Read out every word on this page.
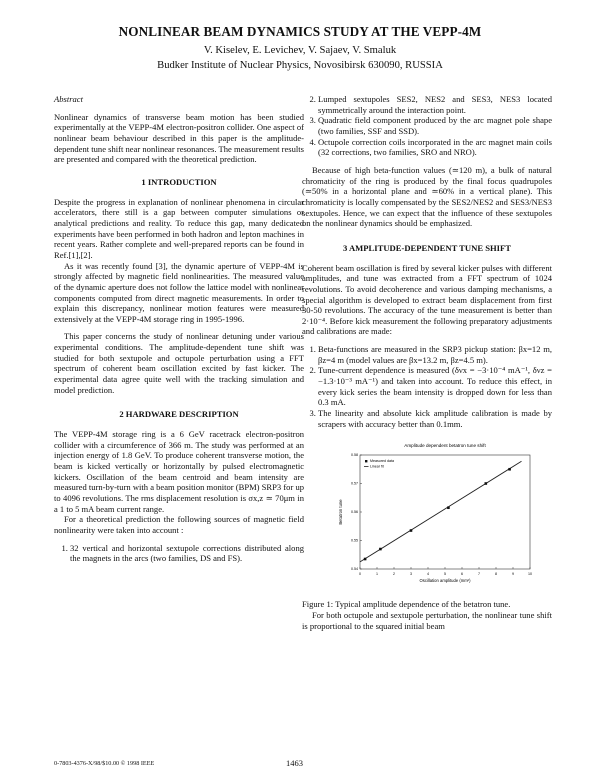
NONLINEAR BEAM DYNAMICS STUDY AT THE VEPP-4M
V. Kiselev, E. Levichev, V. Sajaev, V. Smaluk
Budker Institute of Nuclear Physics, Novosibirsk 630090, RUSSIA
Abstract

Nonlinear dynamics of transverse beam motion has been studied experimentally at the VEPP-4M electron-positron collider. One aspect of nonlinear beam behaviour described in this paper is the amplitude-dependent tune shift near nonlinear resonances. The measurement results are presented and compared with the theoretical prediction.

1 INTRODUCTION

Despite the progress in explanation of nonlinear phenomena in circular accelerators, there still is a gap between computer simulations or analytical predictions and reality. To reduce this gap, many dedicated experiments have been performed in both hadron and lepton machines in recent years. Rather complete and well-prepared reports can be found in Ref.[1],[2].

As it was recently found [3], the dynamic aperture of VEPP-4M is strongly affected by magnetic field nonlinearities. The measured value of the dynamic aperture does not follow the lattice model with nonlinear components computed from direct magnetic measurements. In order to explain this discrepancy, nonlinear motion features were measured extensively at the VEPP-4M storage ring in 1995-1996.

This paper concerns the study of nonlinear detuning under various experimental conditions. The amplitude-dependent tune shift was studied for both sextupole and octupole perturbation using a FFT spectrum of coherent beam oscillation excited by fast kicker. The experimental data agree quite well with the tracking simulation and model prediction.

2 HARDWARE DESCRIPTION

The VEPP-4M storage ring is a 6 GeV racetrack electron-positron collider with a circumference of 366 m. The study was performed at an injection energy of 1.8 GeV. To produce coherent transverse motion, the beam is kicked vertically or horizontally by pulsed electromagnetic kickers. Oscillation of the beam centroid and beam intensity are measured turn-by-turn with a beam position monitor (BPM) SRP3 for up to 4096 revolutions. The rms displacement resolution is σx,z ≃ 70μm in a 1 to 5 mA beam current range.

For a theoretical prediction the following sources of magnetic field nonlinearity were taken into account :

1. 32 vertical and horizontal sextupole corrections distributed along the magnets in the arcs (two families, DS and FS).
2. Lumped sextupoles SES2, NES2 and SES3, NES3 located symmetrically around the interaction point.
3. Quadratic field component produced by the arc magnet pole shape (two families, SSF and SSD).
4. Octupole correction coils incorporated in the arc magnet main coils (32 corrections, two families, SRO and NRO).

Because of high beta-function values (≃120 m), a bulk of natural chromaticity of the ring is produced by the final focus quadrupoles (≃50% in a horizontal plane and ≃60% in a vertical plane). This chromaticity is locally compensated by the SES2/NES2 and SES3/NES3 sextupoles. Hence, we can expect that the influence of these sextupoles on the nonlinear dynamics should be emphasized.

3 AMPLITUDE-DEPENDENT TUNE SHIFT

Coherent beam oscillation is fired by several kicker pulses with different amplitudes, and tune was extracted from a FFT spectrum of 1024 revolutions. To avoid decoherence and various damping mechanisms, a special algorithm is developed to extract beam displacement from first 30-50 revolutions. The accuracy of the tune measurement is better than 2·10⁻⁴. Before kick measurement the following preparatory adjustments and calibrations are made:

1. Beta-functions are measured in the SRP3 pickup station: βx=12 m, βz=4 m (model values are βx=13.2 m, βz=4.5 m).
2. Tune-current dependence is measured (δνx = −3·10⁻⁴ mA⁻¹, δνz = −1.3·10⁻³ mA⁻¹) and taken into account. To reduce this effect, in every kick series the beam intensity is dropped down for less than 0.3 mA.
3. The linearity and absolute kick amplitude calibration is made by scrapers with accuracy better than 0.1mm.
Amplitude dependent betatron tune shift
0	1	2	3	4	5	6	7	8	9	10
0.54
0.55
0.56
0.57
0.58
Oscillation amplitude (mm²)
Betatron tune
Measured data
Linear fit

Figure 1: Typical amplitude dependence of the betatron tune.

For both octupole and sextupole perturbation, the nonlinear tune shift is proportional to the squared initial beam

0-7803-4376-X/98/$10.00 © 1998 IEEE	1463
